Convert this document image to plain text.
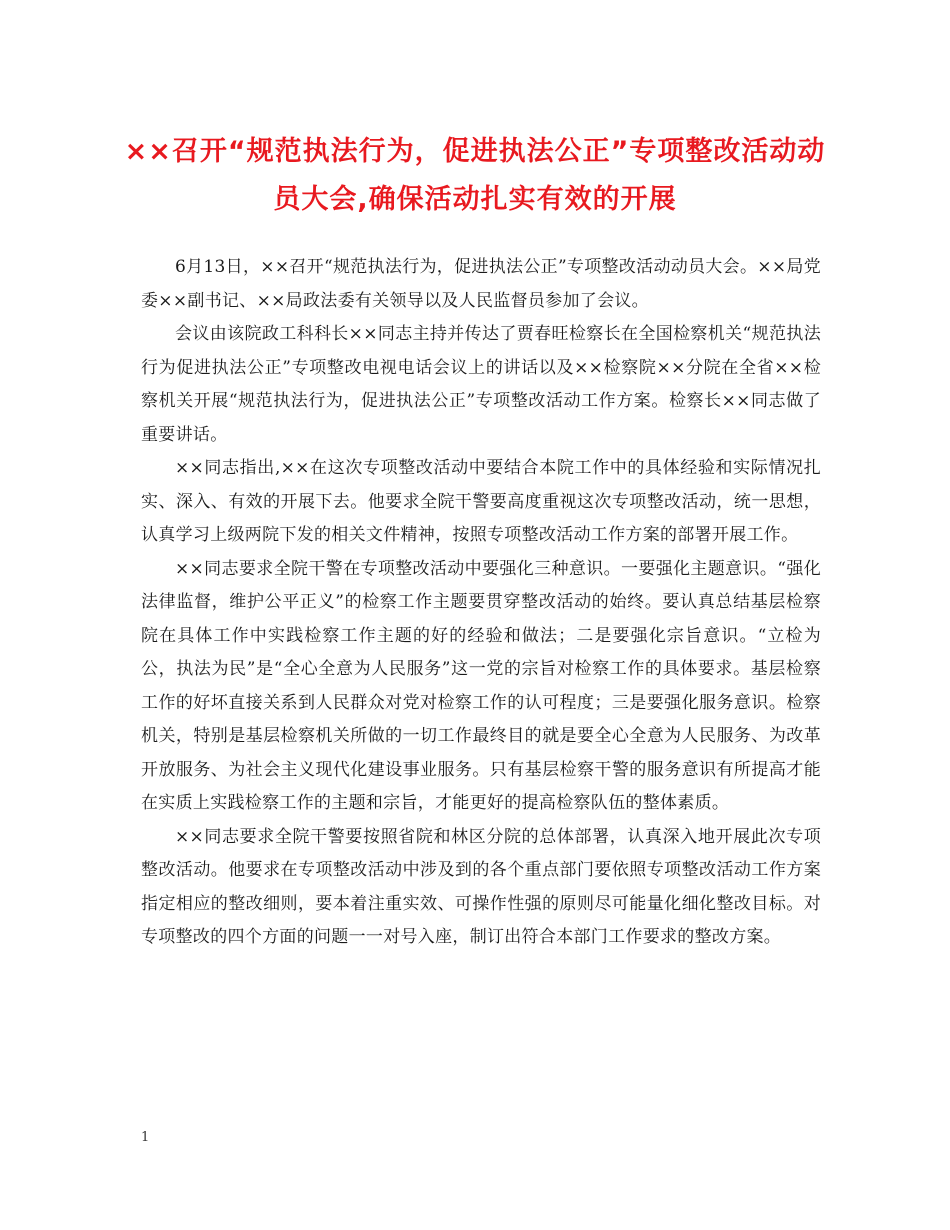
××召开“规范执法行为，促进执法公正”专项整改活动动员大会,确保活动扎实有效的开展

6月13日，××召开“规范执法行为，促进执法公正”专项整改活动动员大会。××局党委××副书记、××局政法委有关领导以及人民监督员参加了会议。

会议由该院政工科科长××同志主持并传达了贾春旺检察长在全国检察机关“规范执法行为促进执法公正”专项整改电视电话会议上的讲话以及××检察院××分院在全省××检察机关开展“规范执法行为，促进执法公正”专项整改活动工作方案。检察长××同志做了重要讲话。

××同志指出,××在这次专项整改活动中要结合本院工作中的具体经验和实际情况扎实、深入、有效的开展下去。他要求全院干警要高度重视这次专项整改活动，统一思想，认真学习上级两院下发的相关文件精神，按照专项整改活动工作方案的部署开展工作。

××同志要求全院干警在专项整改活动中要强化三种意识。一要强化主题意识。“强化法律监督，维护公平正义”的检察工作主题要贯穿整改活动的始终。要认真总结基层检察院在具体工作中实践检察工作主题的好的经验和做法；二是要强化宗旨意识。“立检为公，执法为民”是“全心全意为人民服务”这一党的宗旨对检察工作的具体要求。基层检察工作的好坏直接关系到人民群众对党对检察工作的认可程度；三是要强化服务意识。检察机关，特别是基层检察机关所做的一切工作最终目的就是要全心全意为人民服务、为改革开放服务、为社会主义现代化建设事业服务。只有基层检察干警的服务意识有所提高才能在实质上实践检察工作的主题和宗旨，才能更好的提高检察队伍的整体素质。

××同志要求全院干警要按照省院和林区分院的总体部署，认真深入地开展此次专项整改活动。他要求在专项整改活动中涉及到的各个重点部门要依照专项整改活动工作方案指定相应的整改细则，要本着注重实效、可操作性强的原则尽可能量化细化整改目标。对专项整改的四个方面的问题一一对号入座，制订出符合本部门工作要求的整改方案。

1
